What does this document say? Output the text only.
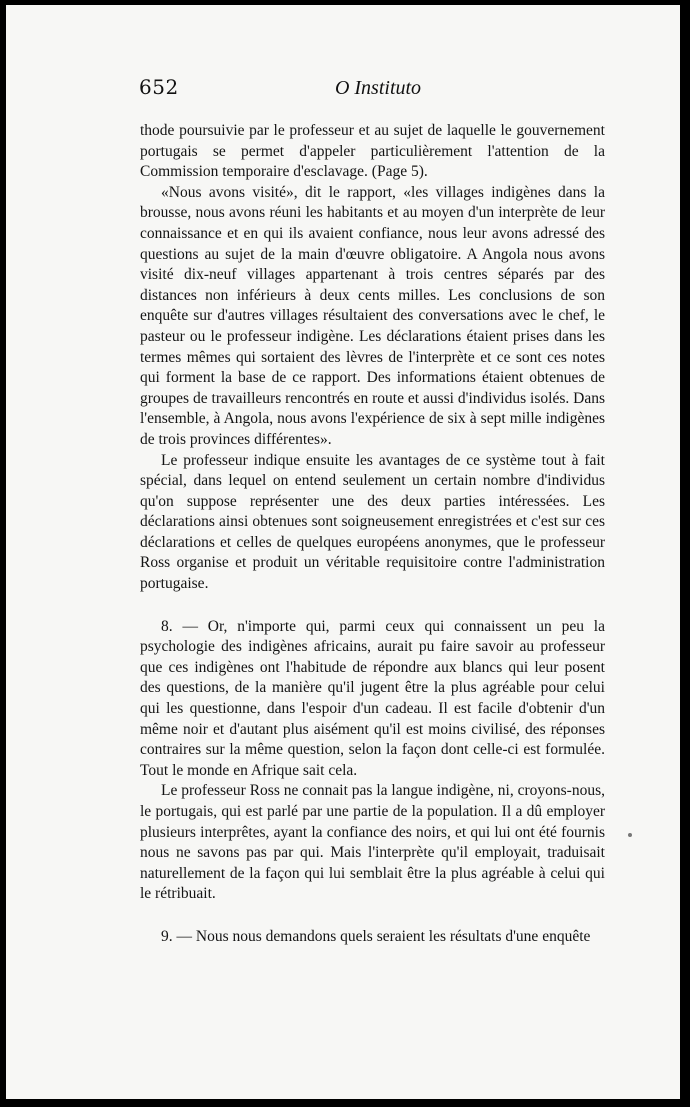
652	O Instituto

thode poursuivie par le professeur et au sujet de laquelle le gouvernement portugais se permet d'appeler particulièrement l'attention de la Commission temporaire d'esclavage. (Page 5).

«Nous avons visité», dit le rapport, «les villages indigènes dans la brousse, nous avons réuni les habitants et au moyen d'un interprète de leur connaissance et en qui ils avaient confiance, nous leur avons adressé des questions au sujet de la main d'œuvre obligatoire. A Angola nous avons visité dix-neuf villages appartenant à trois centres séparés par des distances non inférieurs à deux cents milles. Les conclusions de son enquête sur d'autres villages résultaient des conversations avec le chef, le pasteur ou le professeur indigène. Les déclarations étaient prises dans les termes mêmes qui sortaient des lèvres de l'interprète et ce sont ces notes qui forment la base de ce rapport. Des informations étaient obtenues de groupes de travailleurs rencontrés en route et aussi d'individus isolés. Dans l'ensemble, à Angola, nous avons l'expérience de six à sept mille indigènes de trois provinces différentes».

Le professeur indique ensuite les avantages de ce système tout à fait spécial, dans lequel on entend seulement un certain nombre d'individus qu'on suppose représenter une des deux parties intéressées. Les déclarations ainsi obtenues sont soigneusement enregistrées et c'est sur ces déclarations et celles de quelques européens anonymes, que le professeur Ross organise et produit un véritable requisitoire contre l'administration portugaise.

8. — Or, n'importe qui, parmi ceux qui connaissent un peu la psychologie des indigènes africains, aurait pu faire savoir au professeur que ces indigènes ont l'habitude de répondre aux blancs qui leur posent des questions, de la manière qu'il jugent être la plus agréable pour celui qui les questionne, dans l'espoir d'un cadeau. Il est facile d'obtenir d'un même noir et d'autant plus aisément qu'il est moins civilisé, des réponses contraires sur la même question, selon la façon dont celle-ci est formulée. Tout le monde en Afrique sait cela.

Le professeur Ross ne connait pas la langue indigène, ni, croyons-nous, le portugais, qui est parlé par une partie de la population. Il a dû employer plusieurs interprêtes, ayant la confiance des noirs, et qui lui ont été fournis nous ne savons pas par qui. Mais l'interprète qu'il employait, traduisait naturellement de la façon qui lui semblait être la plus agréable à celui qui le rétribuait.

9. — Nous nous demandons quels seraient les résultats d'une enquête
